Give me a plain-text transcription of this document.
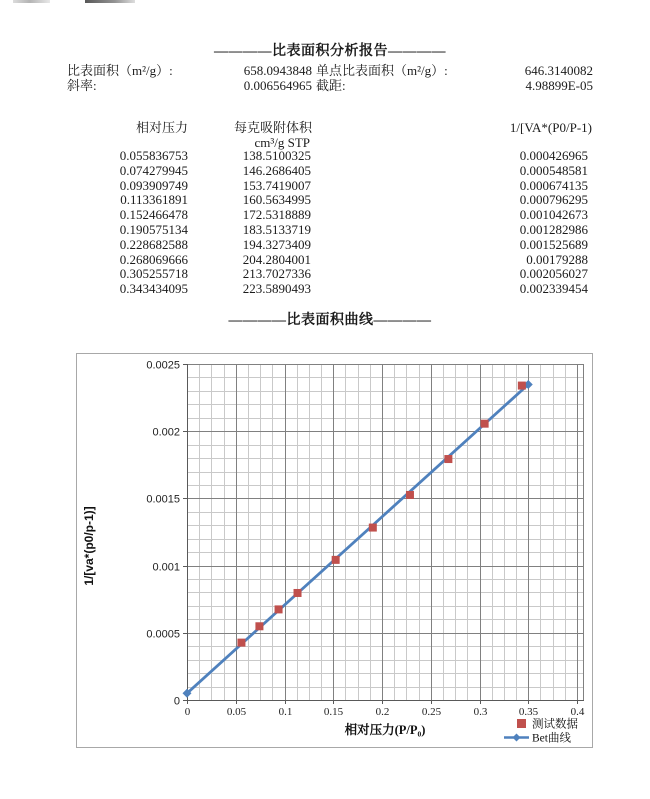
————比表面积分析报告————
比表面积（m²/g）:	658.0943848 单点比表面积（m²/g）:	646.3140082
斜率:	0.006564965 截距:	4.98899E-05
相对压力	每克吸附体积	1/[VA*(P0/P-1)
cm³/g STP
0.055836753	138.5100325	0.000426965
0.074279945	146.2686405	0.000548581
0.093909749	153.7419007	0.000674135
0.113361891	160.5634995	0.000796295
0.152466478	172.5318889	0.001042673
0.190575134	183.5133719	0.001282986
0.228682588	194.3273409	0.001525689
0.268069666	204.2804001	0.00179288
0.305255718	213.7027336	0.002056027
0.343434095	223.5890493	0.002339454
————比表面积曲线————
0	0.05	0.1	0.15	0.2	0.25	0.3	0.35	0.4
0
0.0005
0.001
0.0015
0.002
0.0025
相对压力(P/P₀)
1/[va*(p0/p-1)]
测试数据
Bet曲线
